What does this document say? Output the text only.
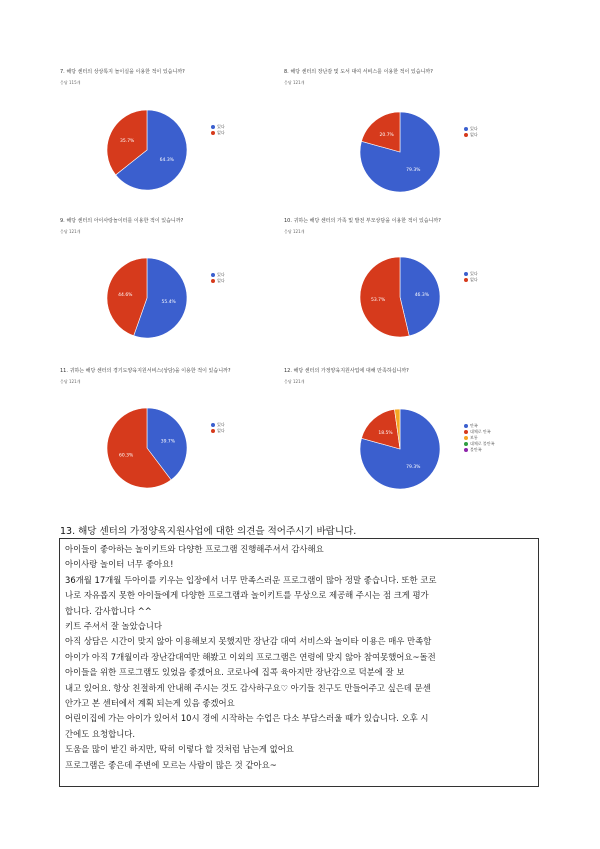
7. 해당 센터의 상상톡지 놀이실을 이용한 적이 있습니까?
응답 115개
64.3%
35.7%
있다
없다
8. 해당 센터의 장난감 및 도서 대여 서비스를 이용한 적이 있습니까?
응답 121개
79.3%
20.7%
있다
없다
9. 해당 센터의 아이사랑놀이터를 이용한 적이 있습니까?
응답 121개
55.4%
44.6%
있다
없다
10. 귀하는 해당 센터의 가족 및 발전 부모상담을 이용한 적이 있습니까?
응답 121개
46.3%
53.7%
있다
없다
11. 귀하는 해당 센터의 경기도양육지원서비스(상담)을 이용한 적이 있습니까?
응답 121개
39.7%
60.3%
있다
없다
12. 해당 센터의 가정양육지원사업에 대해 만족하십니까?
응답 121개
79.3%
18.5%
만족
대체로 만족
보통
대체로 불만족
불만족
13. 해당 센터의 가정양육지원사업에 대한 의견을 적어주시기 바랍니다.
아이들이 좋아하는 놀이키트와 다양한 프로그램 진행해주셔서 감사해요
아이사랑 놀이터 너무 좋아요!
36개월 17개월 두아이를 키우는 입장에서 너무 만족스러운 프로그램이 많아 정말 좋습니다. 또한 코로
나로 자유롭지 못한 아이들에게 다양한 프로그램과 놀이키트를 무상으로 제공해 주시는 점 크게 평가
합니다. 감사합니다 ^^
키트 주셔서 잘 놀았습니다
아직 상담은 시간이 맞지 않아 이용해보지 못했지만 장난감 대여 서비스와 놀이타 이용은 매우 만족함
아이가 아직 7개월이라 장난감대여만 해봤고 이외의 프로그램은 연령에 맞지 않아 참여못했어요~돌전
아이들을 위한 프로그램도 있었음 좋겠어요. 코로나에 집콕 육아지만 장난감으로 덕분에 잘 보
내고 있어요. 항상 친절하게 안내해 주시는 것도 감사하구요♡ 아기들 친구도 만들어주고 싶은데 문센
안가고 본 센터에서 계획 되는게 있음 좋겠어요
어린이집에 가는 아이가 있어서 10시 경에 시작하는 수업은 다소 부담스러울 때가 있습니다. 오후 시
간에도 요청합니다.
도움을 많이 받긴 하지만, 딱히 이렇다 할 것처럼 남는게 없어요
프로그램은 좋은데 주변에 모르는 사람이 많은 것 같아요~
